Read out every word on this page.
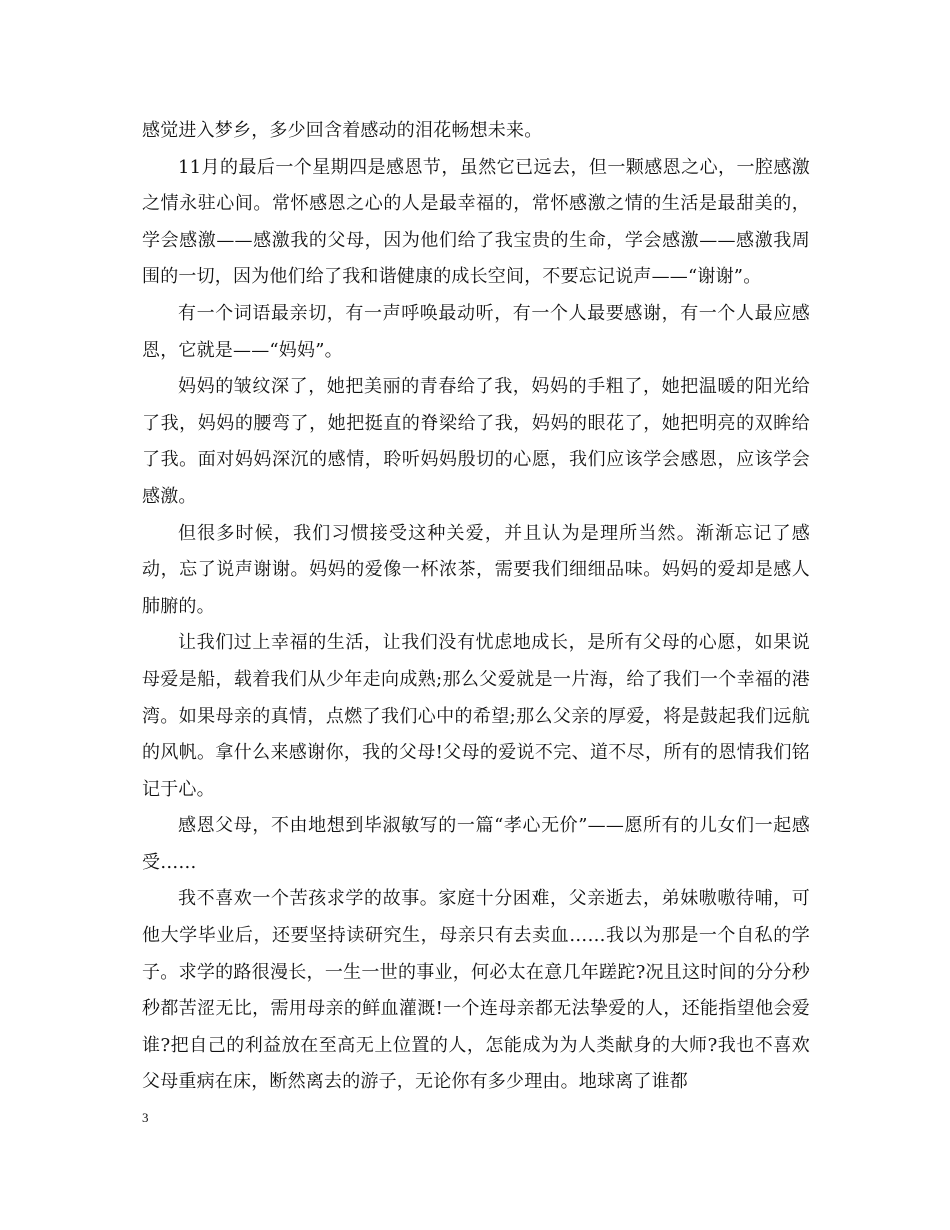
感觉进入梦乡，多少回含着感动的泪花畅想未来。

11月的最后一个星期四是感恩节，虽然它已远去，但一颗感恩之心，一腔感激之情永驻心间。常怀感恩之心的人是最幸福的，常怀感激之情的生活是最甜美的，学会感激——感激我的父母，因为他们给了我宝贵的生命，学会感激——感激我周围的一切，因为他们给了我和谐健康的成长空间，不要忘记说声——“谢谢”。

有一个词语最亲切，有一声呼唤最动听，有一个人最要感谢，有一个人最应感恩，它就是——“妈妈”。

妈妈的皱纹深了，她把美丽的青春给了我，妈妈的手粗了，她把温暖的阳光给了我，妈妈的腰弯了，她把挺直的脊梁给了我，妈妈的眼花了，她把明亮的双眸给了我。面对妈妈深沉的感情，聆听妈妈殷切的心愿，我们应该学会感恩，应该学会感激。

但很多时候，我们习惯接受这种关爱，并且认为是理所当然。渐渐忘记了感动，忘了说声谢谢。妈妈的爱像一杯浓茶，需要我们细细品味。妈妈的爱却是感人肺腑的。

让我们过上幸福的生活，让我们没有忧虑地成长，是所有父母的心愿，如果说母爱是船，载着我们从少年走向成熟;那么父爱就是一片海，给了我们一个幸福的港湾。如果母亲的真情，点燃了我们心中的希望;那么父亲的厚爱，将是鼓起我们远航的风帆。拿什么来感谢你，我的父母!父母的爱说不完、道不尽，所有的恩情我们铭记于心。

感恩父母，不由地想到毕淑敏写的一篇“孝心无价”——愿所有的儿女们一起感受……

我不喜欢一个苦孩求学的故事。家庭十分困难，父亲逝去，弟妹嗷嗷待哺，可他大学毕业后，还要坚持读研究生，母亲只有去卖血……我以为那是一个自私的学子。求学的路很漫长，一生一世的事业，何必太在意几年蹉跎?况且这时间的分分秒秒都苦涩无比，需用母亲的鲜血灌溉!一个连母亲都无法挚爱的人，还能指望他会爱谁?把自己的利益放在至高无上位置的人，怎能成为为人类献身的大师?我也不喜欢父母重病在床，断然离去的游子，无论你有多少理由。地球离了谁都

3
